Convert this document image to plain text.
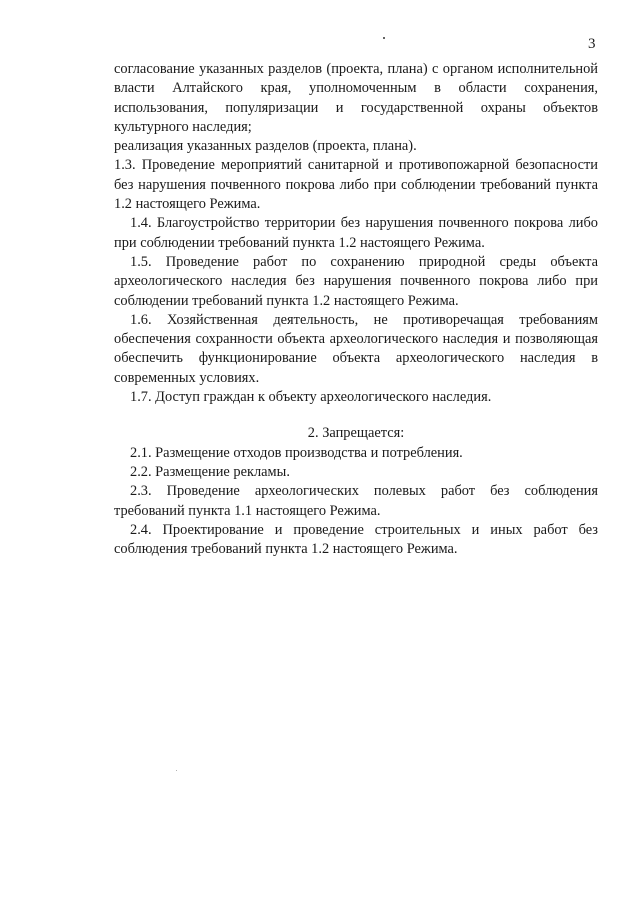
3

согласование указанных разделов (проекта, плана) с органом исполнительной власти Алтайского края, уполномоченным в области сохранения, использования, популяризации и государственной охраны объектов культурного наследия;

реализация указанных разделов (проекта, плана).

1.3. Проведение мероприятий санитарной и противопожарной безопасности без нарушения почвенного покрова либо при соблюдении требований пункта 1.2 настоящего Режима.

1.4. Благоустройство территории без нарушения почвенного покрова либо при соблюдении требований пункта 1.2 настоящего Режима.

1.5. Проведение работ по сохранению природной среды объекта археологического наследия без нарушения почвенного покрова либо при соблюдении требований пункта 1.2 настоящего Режима.

1.6. Хозяйственная деятельность, не противоречащая требованиям обеспечения сохранности объекта археологического наследия и позволяющая обеспечить функционирование объекта археологического наследия в современных условиях.

1.7. Доступ граждан к объекту археологического наследия.

2. Запрещается:

2.1. Размещение отходов производства и потребления.

2.2. Размещение рекламы.

2.3. Проведение археологических полевых работ без соблюдения требований пункта 1.1 настоящего Режима.

2.4. Проектирование и проведение строительных и иных работ без соблюдения требований пункта 1.2 настоящего Режима.
